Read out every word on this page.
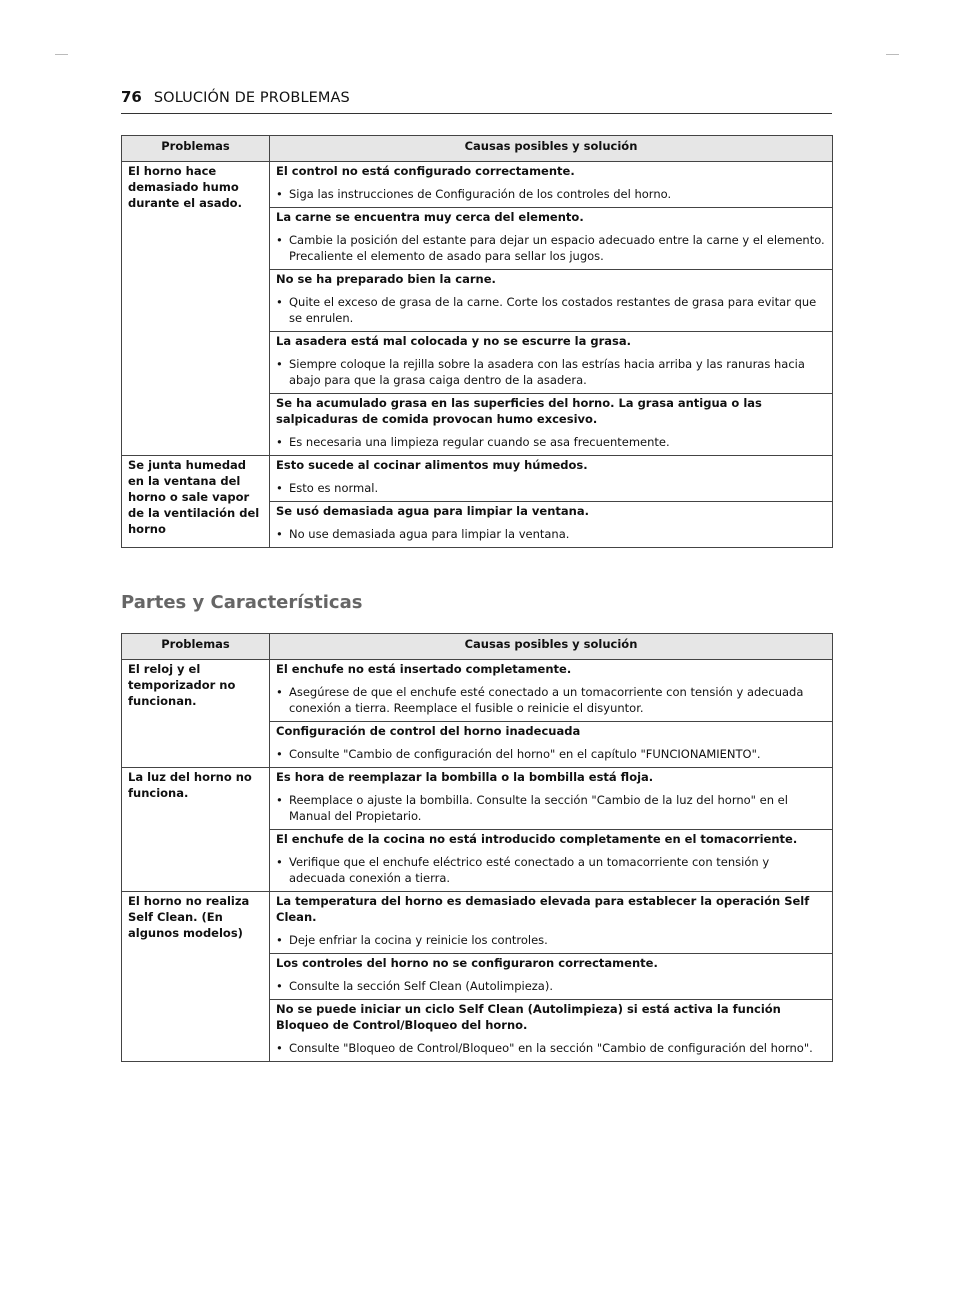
76 SOLUCIÓN DE PROBLEMAS
Problemas	Causas posibles y solución
El horno hace demasiado humo durante el asado.	El control no está configurado correctamente.
• Siga las instrucciones de Configuración de los controles del horno.

	La carne se encuentra muy cerca del elemento.
• Cambie la posición del estante para dejar un espacio adecuado entre la carne y el elemento. Precaliente el elemento de asado para sellar los jugos.

	No se ha preparado bien la carne.
• Quite el exceso de grasa de la carne. Corte los costados restantes de grasa para evitar que se enrulen.

	La asadera está mal colocada y no se escurre la grasa.
• Siempre coloque la rejilla sobre la asadera con las estrías hacia arriba y las ranuras hacia abajo para que la grasa caiga dentro de la asadera.

	Se ha acumulado grasa en las superficies del horno. La grasa antigua o las salpicaduras de comida provocan humo excesivo.
• Es necesaria una limpieza regular cuando se asa frecuentemente.

Se junta humedad en la ventana del horno o sale vapor de la ventilación del horno	Esto sucede al cocinar alimentos muy húmedos.
• Esto es normal.

	Se usó demasiada agua para limpiar la ventana.
• No use demasiada agua para limpiar la ventana.
Partes y Características
Problemas	Causas posibles y solución
El reloj y el temporizador no funcionan.	El enchufe no está insertado completamente.
• Asegúrese de que el enchufe esté conectado a un tomacorriente con tensión y adecuada conexión a tierra. Reemplace el fusible o reinicie el disyuntor.

	Configuración de control del horno inadecuada
• Consulte "Cambio de configuración del horno" en el capítulo "FUNCIONAMIENTO".

La luz del horno no funciona.	Es hora de reemplazar la bombilla o la bombilla está floja.
• Reemplace o ajuste la bombilla. Consulte la sección "Cambio de la luz del horno" en el Manual del Propietario.

	El enchufe de la cocina no está introducido completamente en el tomacorriente.
• Verifique que el enchufe eléctrico esté conectado a un tomacorriente con tensión y adecuada conexión a tierra.

El horno no realiza Self Clean. (En algunos modelos)	La temperatura del horno es demasiado elevada para establecer la operación Self Clean.
• Deje enfriar la cocina y reinicie los controles.

	Los controles del horno no se configuraron correctamente.
• Consulte la sección Self Clean (Autolimpieza).

	No se puede iniciar un ciclo Self Clean (Autolimpieza) si está activa la función Bloqueo de Control/Bloqueo del horno.
• Consulte "Bloqueo de Control/Bloqueo" en la sección "Cambio de configuración del horno".
